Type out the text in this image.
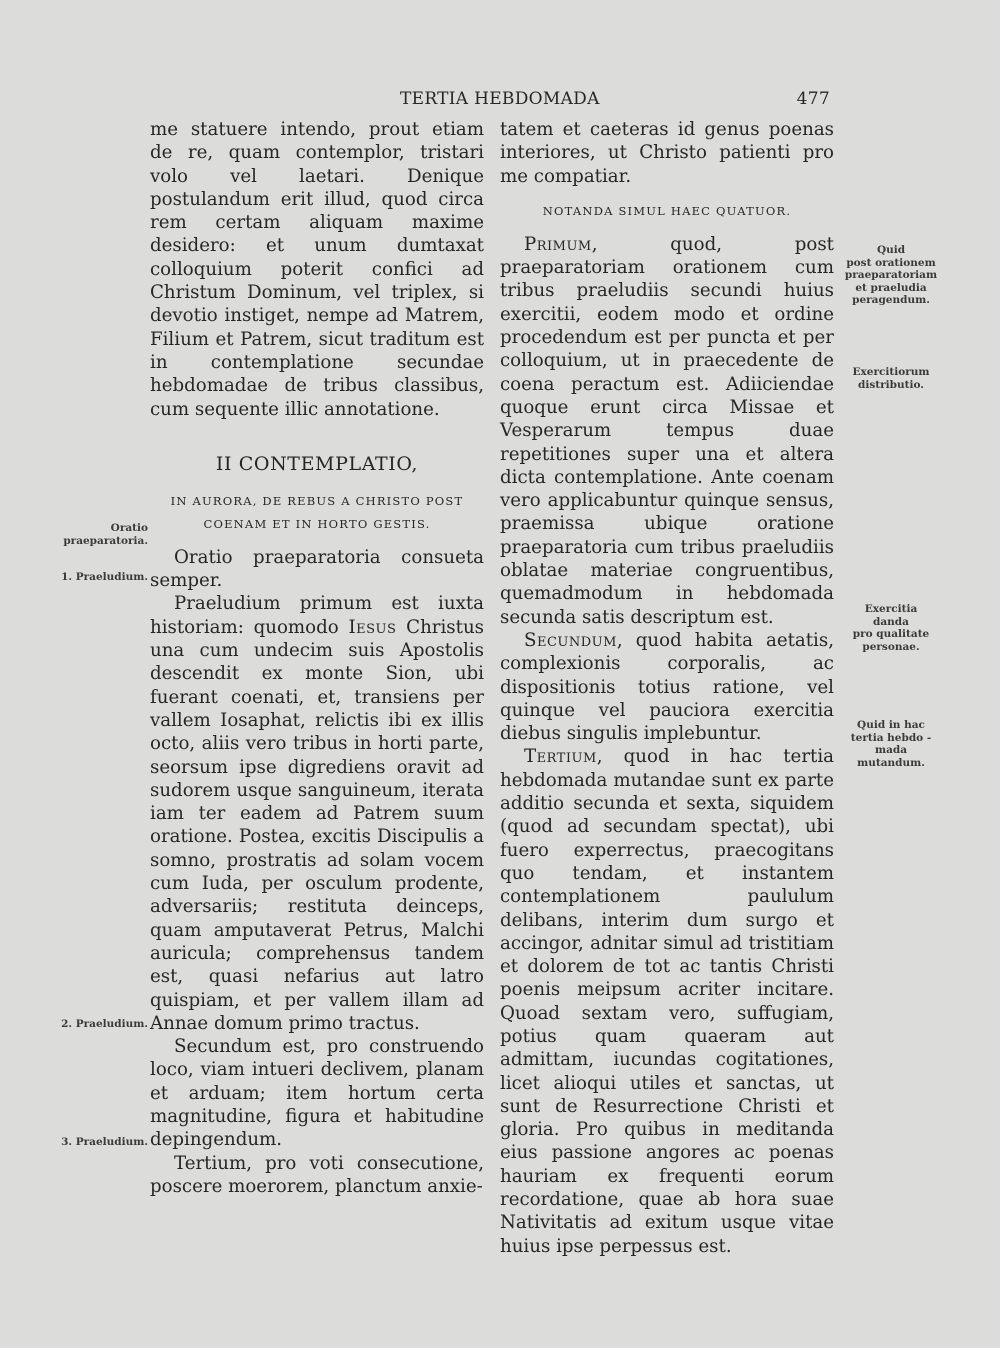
TERTIA HEBDOMADA	477

me statuere intendo, prout etiam de re, quam contemplor, tristari volo vel laetari. Denique postulandum erit illud, quod circa rem certam aliquam maxime desidero: et unum dumtaxat colloquium poterit confici ad Christum Dominum, vel triplex, si devotio instiget, nempe ad Matrem, Filium et Patrem, sicut traditum est in contemplatione secundae hebdomadae de tribus classibus, cum sequente illic annotatione.

II CONTEMPLATIO,
IN AURORA, DE REBUS A CHRISTO POST
COENAM ET IN HORTO GESTIS.

Oratio praeparatoria consueta semper.

Praeludium primum est iuxta historiam: quomodo Iesus Christus una cum undecim suis Apostolis descendit ex monte Sion, ubi fuerant coenati, et, transiens per vallem Iosaphat, relictis ibi ex illis octo, aliis vero tribus in horti parte, seorsum ipse digrediens oravit ad sudorem usque sanguineum, iterata iam ter eadem ad Patrem suum oratione. Postea, excitis Discipulis a somno, prostratis ad solam vocem cum Iuda, per osculum prodente, adversariis; restituta deinceps, quam amputaverat Petrus, Malchi auricula; comprehensus tandem est, quasi nefarius aut latro quispiam, et per vallem illam ad Annae domum primo tractus.

Secundum est, pro construendo loco, viam intueri declivem, planam et arduam; item hortum certa magnitudine, figura et habitudine depingendum.

Tertium, pro voti consecutione, poscere moerorem, planctum anxie-

tatem et caeteras id genus poenas interiores, ut Christo patienti pro me compatiar.

NOTANDA SIMUL HAEC QUATUOR.

Primum, quod, post praeparatoriam orationem cum tribus praeludiis secundi huius exercitii, eodem modo et ordine procedendum est per puncta et per colloquium, ut in praecedente de coena peractum est. Adiiciendae quoque erunt circa Missae et Vesperarum tempus duae repetitiones super una et altera dicta contemplatione. Ante coenam vero applicabuntur quinque sensus, praemissa ubique oratione praeparatoria cum tribus praeludiis oblatae materiae congruentibus, quemadmodum in hebdomada secunda satis descriptum est.

Secundum, quod habita aetatis, complexionis corporalis, ac dispositionis totius ratione, vel quinque vel pauciora exercitia diebus singulis implebuntur.

Tertium, quod in hac tertia hebdomada mutandae sunt ex parte additio secunda et sexta, siquidem (quod ad secundam spectat), ubi fuero experrectus, praecogitans quo tendam, et instantem contemplationem paululum delibans, interim dum surgo et accingor, adnitar simul ad tristitiam et dolorem de tot ac tantis Christi poenis meipsum acriter incitare. Quoad sextam vero, suffugiam, potius quam quaeram aut admittam, iucundas cogitationes, licet alioqui utiles et sanctas, ut sunt de Resurrectione Christi et gloria. Pro quibus in meditanda eius passione angores ac poenas hauriam ex frequenti eorum recordatione, quae ab hora suae Nativitatis ad exitum usque vitae huius ipse perpessus est.

Oratio
praeparatoria.
1. Praeludium.
2. Praeludium.
3. Praeludium.
Quid
post orationem
praeparatoriam
et praeludia
peragendum.
Exercitiorum
distributio.
Exercitia
danda
pro qualitate
personae.
Quid in hac
tertia hebdo -
mada
mutandum.
